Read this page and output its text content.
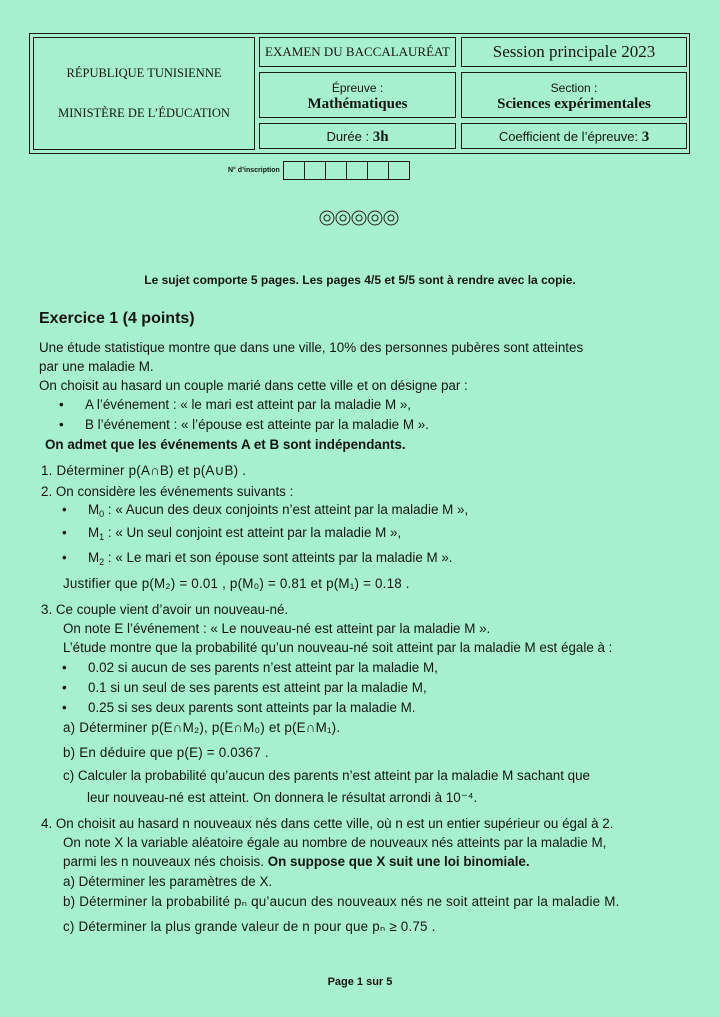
RÉPUBLIQUE TUNISIENNE
MINISTÈRE DE L’ÉDUCATION
EXAMEN DU BACCALAURÉAT	Session principale 2023
Épreuve :
Mathématiques
Section :
Sciences expérimentales
Durée : 3h	Coefficient de l’épreuve: 3
N° d’inscription
Le sujet comporte 5 pages. Les pages 4/5 et 5/5 sont à rendre avec la copie.
Exercice 1 (4 points)
Une étude statistique montre que dans une ville, 10% des personnes pubères sont atteintes
par une maladie M.
On choisit au hasard un couple marié dans cette ville et on désigne par :
• A l’événement : « le mari est atteint par la maladie M »,
• B l’événement : « l’épouse est atteinte par la maladie M ».
On admet que les événements A et B sont indépendants.
1. Déterminer p(A∩B) et p(A∪B) .
2. On considère les événements suivants :
• $M_0$ : « Aucun des deux conjoints n’est atteint par la maladie M »,
• $M_1$ : « Un seul conjoint est atteint par la maladie M »,
• $M_2$ : « Le mari et son épouse sont atteints par la maladie M ».
Justifier que p(M₂) = 0.01 , p(M₀) = 0.81 et p(M₁) = 0.18 .
3. Ce couple vient d’avoir un nouveau-né.
On note E l’événement : « Le nouveau-né est atteint par la maladie M ».
L’étude montre que la probabilité qu’un nouveau-né soit atteint par la maladie M est égale à :
• 0.02 si aucun de ses parents n’est atteint par la maladie M,
• 0.1 si un seul de ses parents est atteint par la maladie M,
• 0.25 si ses deux parents sont atteints par la maladie M.
a) Déterminer p(E∩M₂), p(E∩M₀) et p(E∩M₁).
b) En déduire que p(E) = 0.0367 .
c) Calculer la probabilité qu’aucun des parents n’est atteint par la maladie M sachant que
leur nouveau-né est atteint. On donnera le résultat arrondi à 10⁻⁴.
4. On choisit au hasard n nouveaux nés dans cette ville, où n est un entier supérieur ou égal à 2.
On note X la variable aléatoire égale au nombre de nouveaux nés atteints par la maladie M,
parmi les n nouveaux nés choisis. On suppose que X suit une loi binomiale.
a) Déterminer les paramètres de X.
b) Déterminer la probabilité pₙ qu’aucun des nouveaux nés ne soit atteint par la maladie M.
c) Déterminer la plus grande valeur de n pour que pₙ ≥ 0.75 .
Page 1 sur 5
